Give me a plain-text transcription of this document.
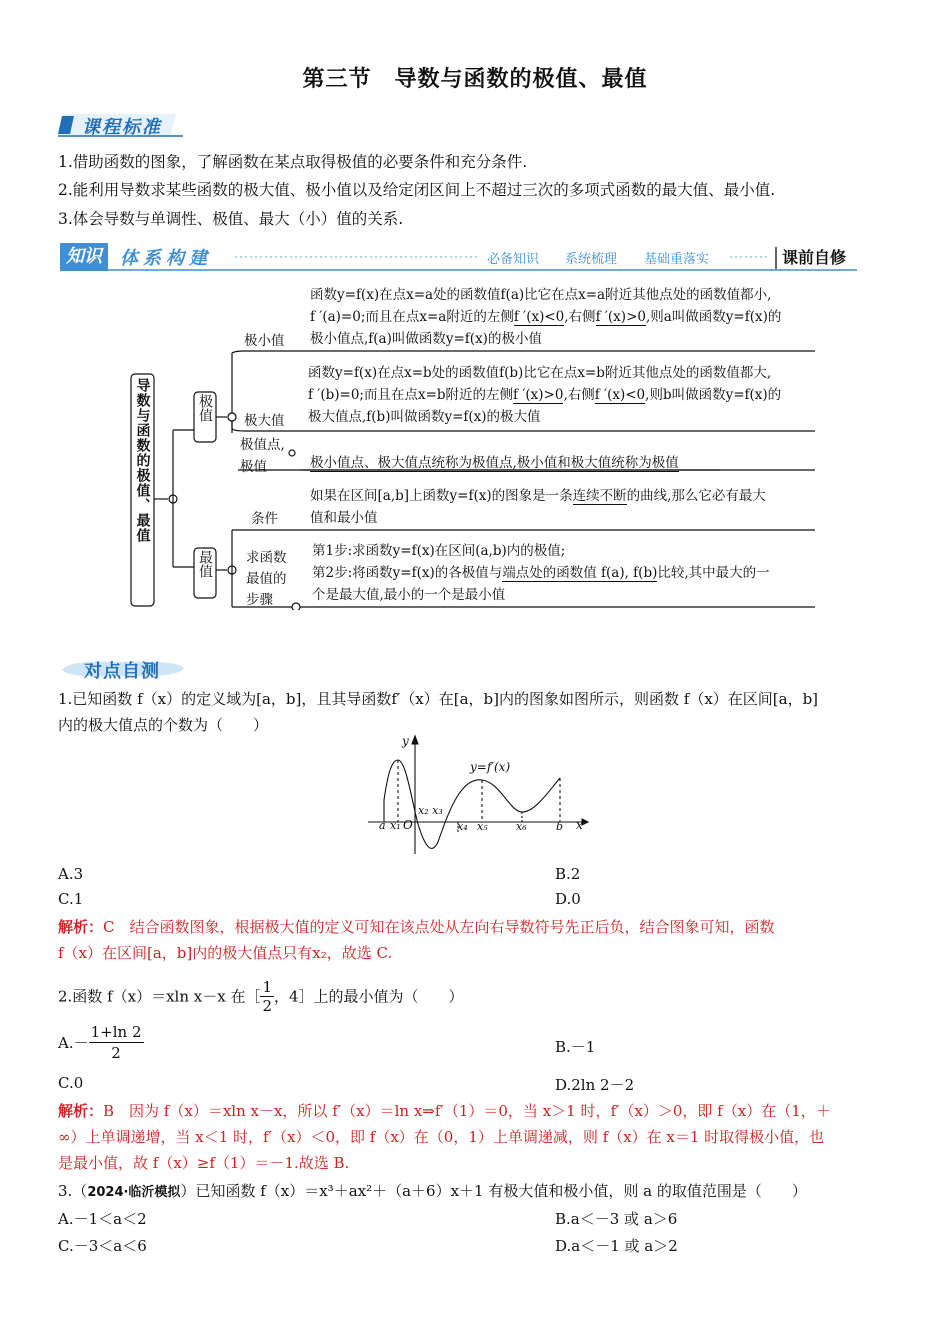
第三节　导数与函数的极值、最值
课程标准
1.借助函数的图象，了解函数在某点取得极值的必要条件和充分条件.
2.能利用导数求某些函数的极大值、极小值以及给定闭区间上不超过三次的多项式函数的最大值、最小值.
3.体会导数与单调性、极值、最大（小）值的关系.
知识	体系构建	必备知识 系统梳理 基础重落实	课前自修
导数与函数的极值、最值	极值
最值
极小值
函数y=f(x)在点x=a处的函数值f(a)比它在点x=a附近其他点处的函数值都小,
f ′(a)=0;而且在点x=a附近的左侧f ′(x)<0,右侧f ′(x)>0,则a叫做函数y=f(x)的
极小值点,f(a)叫做函数y=f(x)的极小值
极大值
函数y=f(x)在点x=b处的函数值f(b)比它在点x=b附近其他点处的函数值都大,
f ′(b)=0;而且在点x=b附近的左侧f ′(x)>0,右侧f ′(x)<0,则b叫做函数y=f(x)的
极大值点,f(b)叫做函数y=f(x)的极大值
极值点,
极值	极小值点、极大值点统称为极值点,极小值和极大值统称为极值
条件
如果在区间[a,b]上函数y=f(x)的图象是一条连续不断的曲线,那么它必有最大
值和最小值
求函数最值的步骤
第1步:求函数y=f(x)在区间(a,b)内的极值;
第2步:将函数y=f(x)的各极值与端点处的函数值 f(a), f(b)比较,其中最大的一
个是最大值,最小的一个是最小值
对点自测
1.已知函数 f（x）的定义域为[a，b]，且其导函数f′（x）在[a，b]内的图象如图所示，则函数 f（x）在区间[a，b]
内的极大值点的个数为（　　）
y
x
y=f′(x)
a x₁ O
x₂ x₃
x₄ x₅	x₆	b
A.3	B.2
C.1	D.0
解析：C　结合函数图象，根据极大值的定义可知在该点处从左向右导数符号先正后负，结合图象可知，函数
f（x）在区间[a，b]内的极大值点只有x₂，故选 C.
2.函数 f（x）＝xln x－x 在［ $\frac{1}{2}$ ，4］上的最小值为（　　）
$A.- \frac{1+\ln 2}{2}$	B.－1
C.0	D.2ln 2－2
解析：B　因为 f（x）＝xln x－x，所以 f′（x）＝ln x⇒f′（1）＝0，当 x＞1 时，f′（x）＞0，即 f（x）在（1，＋
∞）上单调递增，当 x＜1 时，f′（x）＜0，即 f（x）在（0，1）上单调递减，则 f（x）在 x＝1 时取得极小值，也
是最小值，故 f（x）≥f（1）＝－1.故选 B.
3.（2024·临沂模拟）已知函数 f（x）＝x³＋ax²＋（a＋6）x＋1 有极大值和极小值，则 a 的取值范围是（　　）
A.－1＜a＜2	B.a＜－3 或 a＞6
C.－3＜a＜6	D.a＜－1 或 a＞2
